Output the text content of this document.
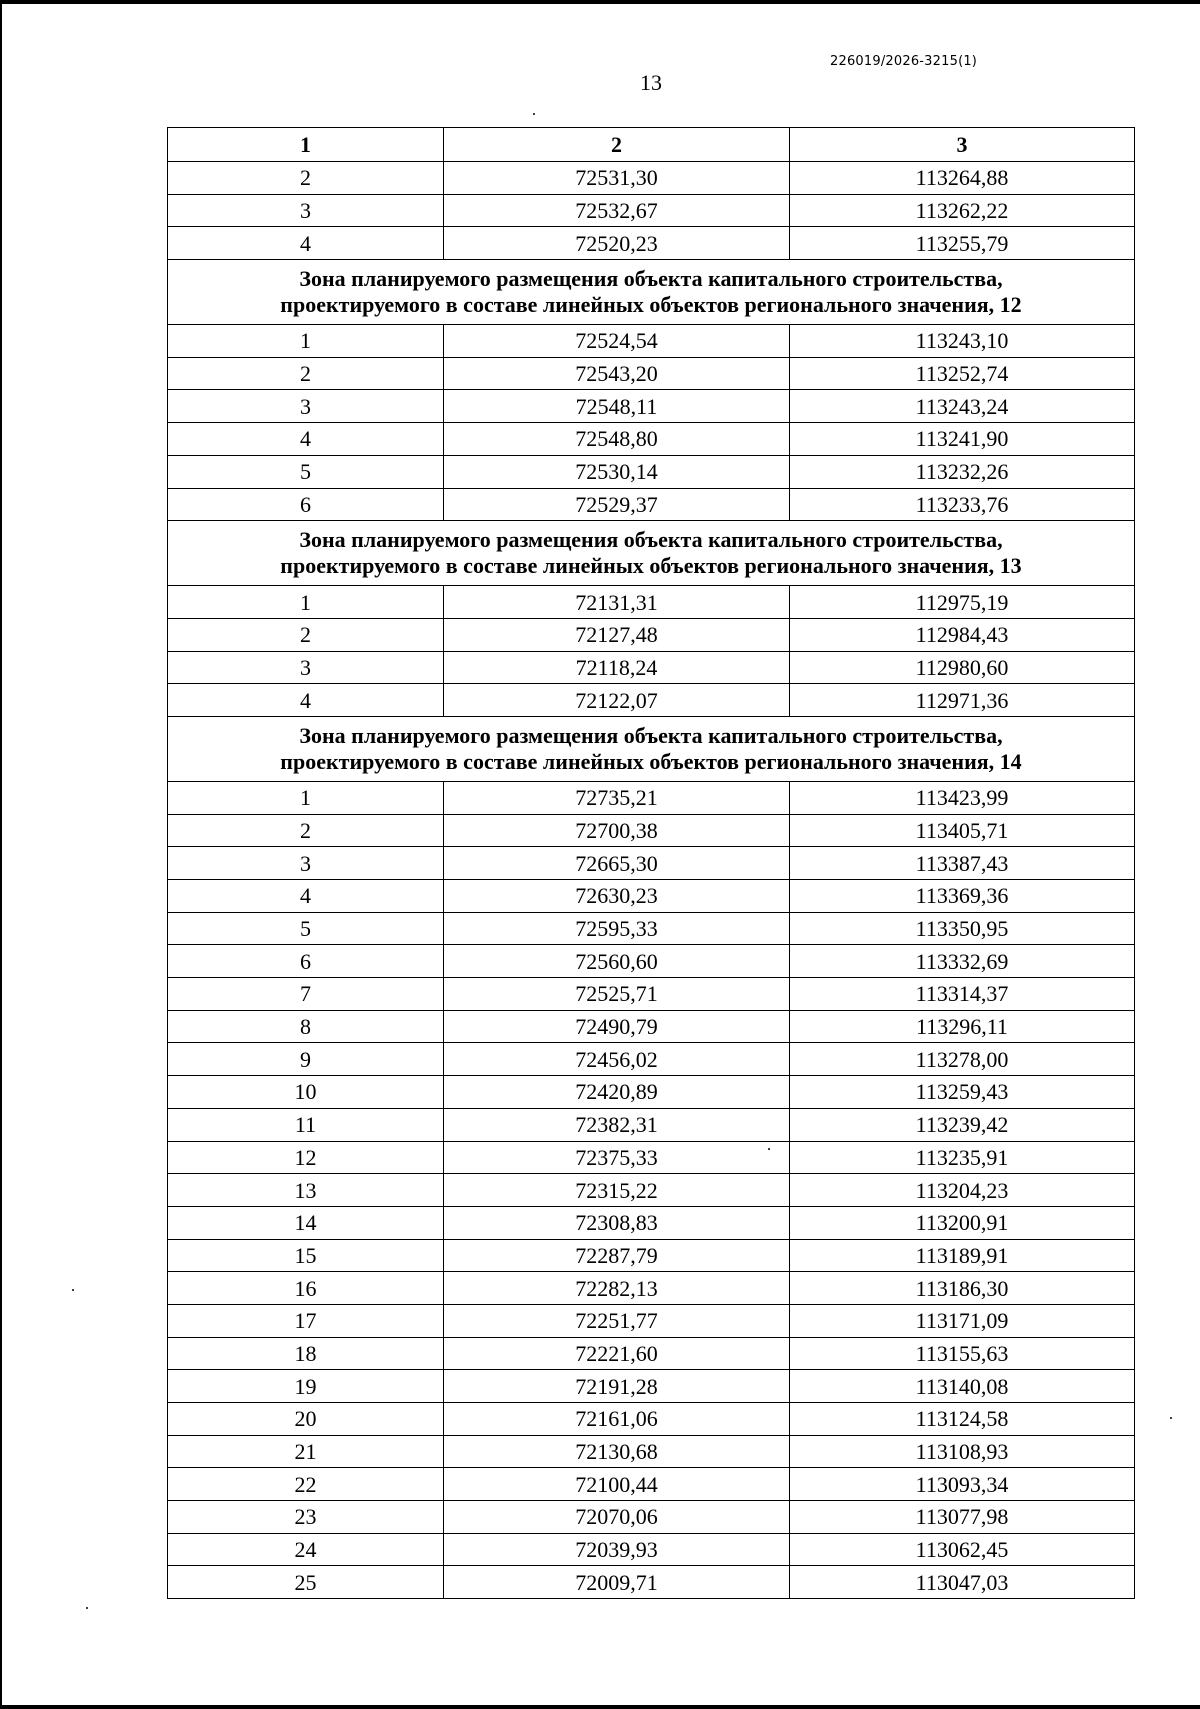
226019/2026-3215(1)
13
1	2	3
2	72531,30	113264,88
3	72532,67	113262,22
4	72520,23	113255,79

Зона планируемого размещения объекта капитального строительства,
проектируемого в составе линейных объектов регионального значения, 12		

1	72524,54	113243,10
2	72543,20	113252,74
3	72548,11	113243,24
4	72548,80	113241,90
5	72530,14	113232,26
6	72529,37	113233,76

Зона планируемого размещения объекта капитального строительства,
проектируемого в составе линейных объектов регионального значения, 13		

1	72131,31	112975,19
2	72127,48	112984,43
3	72118,24	112980,60
4	72122,07	112971,36

Зона планируемого размещения объекта капитального строительства,
проектируемого в составе линейных объектов регионального значения, 14		

1	72735,21	113423,99
2	72700,38	113405,71
3	72665,30	113387,43
4	72630,23	113369,36
5	72595,33	113350,95
6	72560,60	113332,69
7	72525,71	113314,37
8	72490,79	113296,11
9	72456,02	113278,00
10	72420,89	113259,43
11	72382,31	113239,42
12	72375,33	113235,91
13	72315,22	113204,23
14	72308,83	113200,91
15	72287,79	113189,91
16	72282,13	113186,30
17	72251,77	113171,09
18	72221,60	113155,63
19	72191,28	113140,08
20	72161,06	113124,58
21	72130,68	113108,93
22	72100,44	113093,34
23	72070,06	113077,98
24	72039,93	113062,45
25	72009,71	113047,03
